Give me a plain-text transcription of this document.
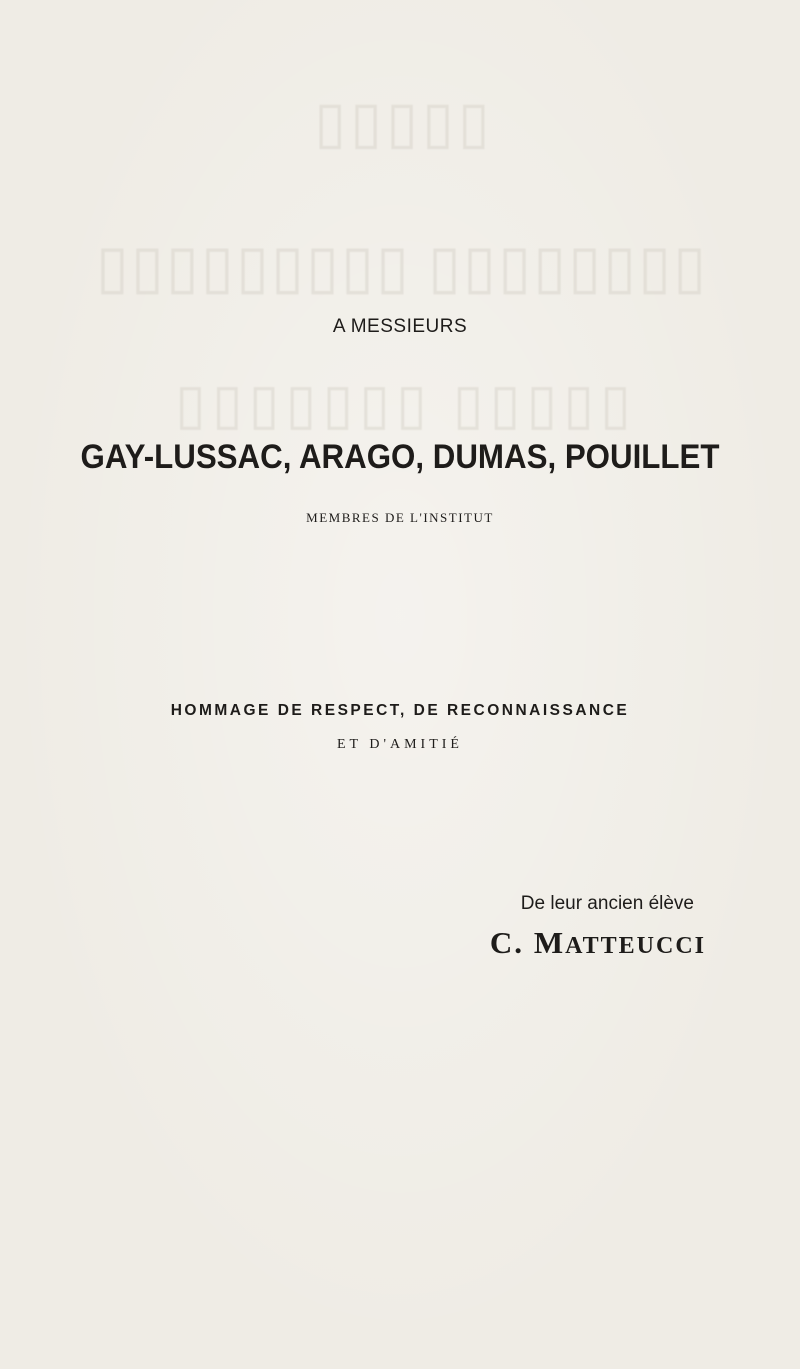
▯▯▯▯▯
▯▯▯▯▯▯▯▯ ▯▯▯▯▯▯▯▯▯
▯▯▯▯▯ ▯▯▯▯▯▯▯
A MESSIEURS
GAY-LUSSAC, ARAGO, DUMAS, POUILLET
MEMBRES DE L'INSTITUT
HOMMAGE DE RESPECT, DE RECONNAISSANCE
ET D'AMITIÉ
De leur ancien élève
C. MATTEUCCI
